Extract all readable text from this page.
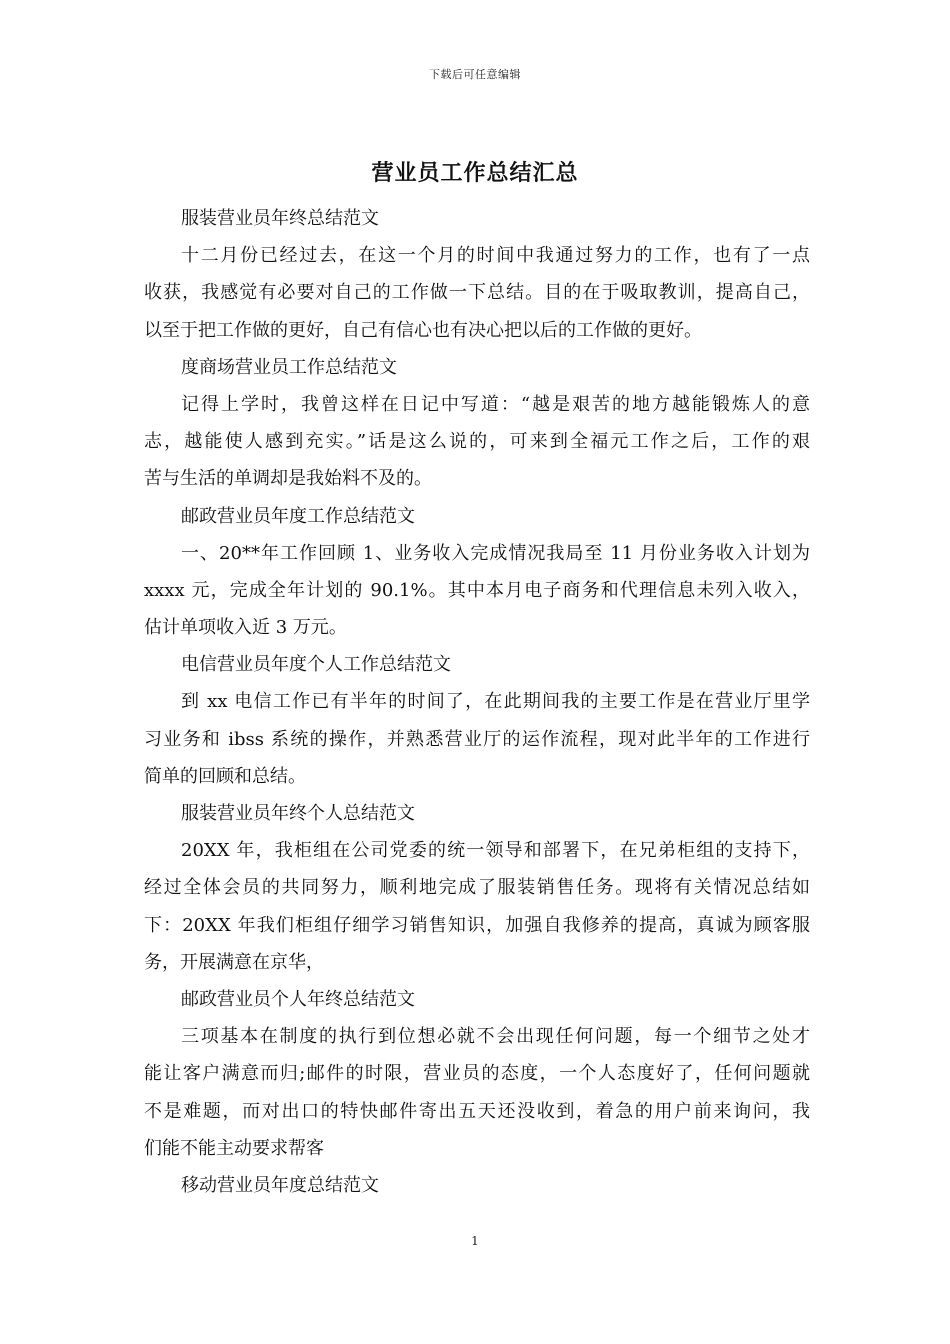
下载后可任意编辑
营业员工作总结汇总
服装营业员年终总结范文
十二月份已经过去，在这一个月的时间中我通过努力的工作，也有了一点
收获，我感觉有必要对自己的工作做一下总结。目的在于吸取教训，提高自己，
以至于把工作做的更好，自己有信心也有决心把以后的工作做的更好。
度商场营业员工作总结范文
记得上学时，我曾这样在日记中写道：“越是艰苦的地方越能锻炼人的意
志，越能使人感到充实。”话是这么说的，可来到全福元工作之后，工作的艰
苦与生活的单调却是我始料不及的。
邮政营业员年度工作总结范文
一、20**年工作回顾 1、业务收入完成情况我局至 11 月份业务收入计划为
xxxx 元，完成全年计划的 90.1%。其中本月电子商务和代理信息未列入收入，
估计单项收入近 3 万元。
电信营业员年度个人工作总结范文
到 xx 电信工作已有半年的时间了，在此期间我的主要工作是在营业厅里学
习业务和 ibss 系统的操作，并熟悉营业厅的运作流程，现对此半年的工作进行
简单的回顾和总结。
服装营业员年终个人总结范文
20XX 年，我柜组在公司党委的统一领导和部署下，在兄弟柜组的支持下，
经过全体会员的共同努力，顺利地完成了服装销售任务。现将有关情况总结如
下：20XX 年我们柜组仔细学习销售知识，加强自我修养的提高，真诚为顾客服
务，开展满意在京华，
邮政营业员个人年终总结范文
三项基本在制度的执行到位想必就不会出现任何问题，每一个细节之处才
能让客户满意而归;邮件的时限，营业员的态度，一个人态度好了，任何问题就
不是难题，而对出口的特快邮件寄出五天还没收到，着急的用户前来询问，我
们能不能主动要求帮客
移动营业员年度总结范文
1
